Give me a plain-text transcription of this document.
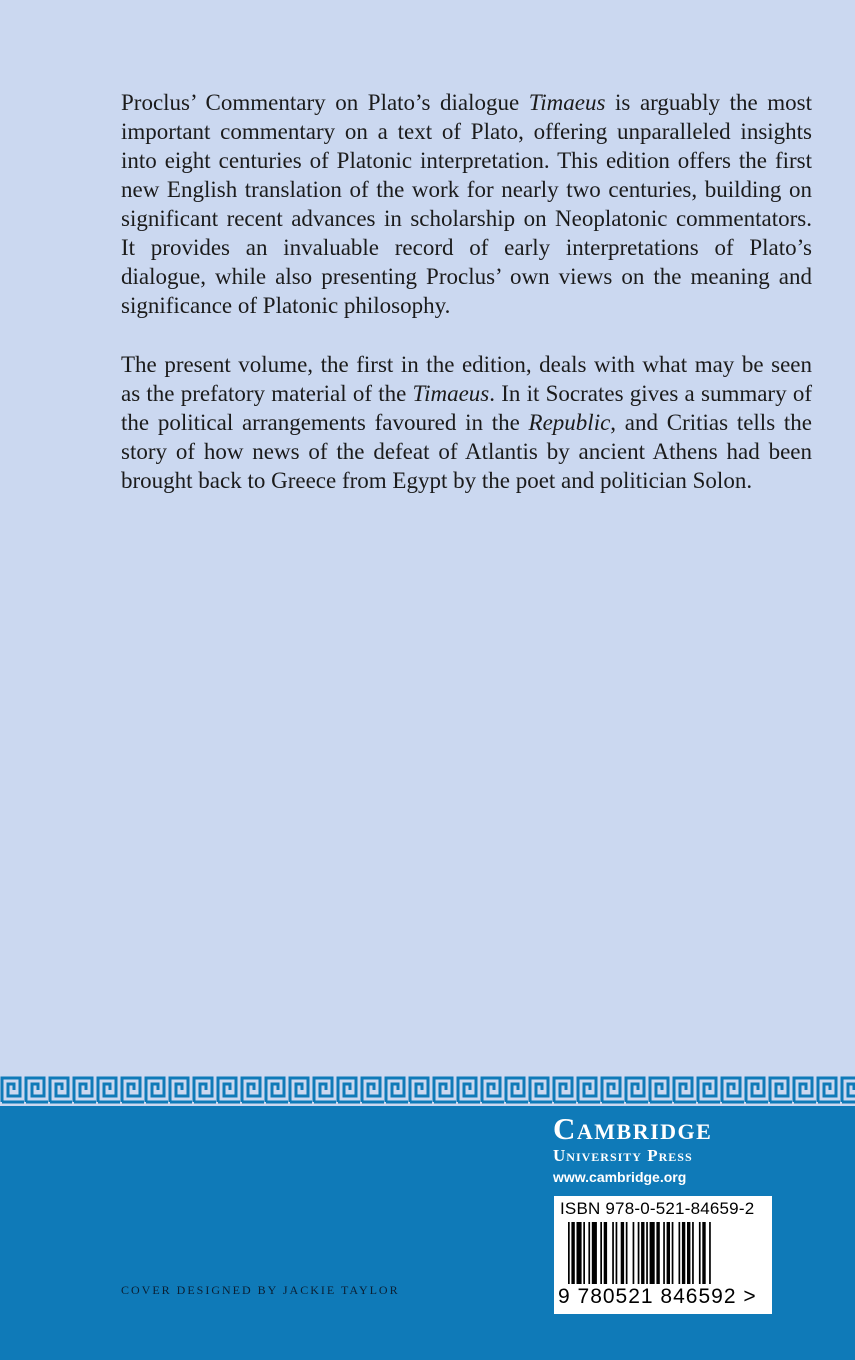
Proclus’ Commentary on Plato’s dialogue Timaeus is arguably the most important commentary on a text of Plato, offering unparalleled insights into eight centuries of Platonic interpretation. This edition offers the first new English translation of the work for nearly two centuries, building on significant recent advances in scholarship on Neoplatonic commentators. It provides an invaluable record of early interpretations of Plato’s dialogue, while also presenting Proclus’ own views on the meaning and significance of Platonic philosophy.

The present volume, the first in the edition, deals with what may be seen as the prefatory material of the Timaeus. In it Socrates gives a summary of the political arrangements favoured in the Republic, and Critias tells the story of how news of the defeat of Atlantis by ancient Athens had been brought back to Greece from Egypt by the poet and politician Solon.

Cambridge
University Press
www.cambridge.org
ISBN 978-0-521-84659-2
9 780521 846592 >
COVER DESIGNED BY JACKIE TAYLOR
